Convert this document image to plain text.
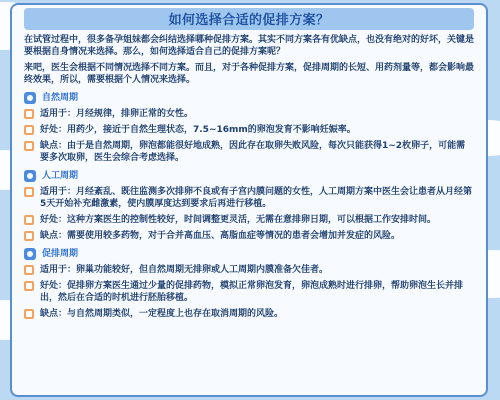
如何选择合适的促排方案？

在试管过程中，很多备孕姐妹都会纠结选择哪种促排方案。其实不同方案各有优缺点，也没有绝对的好坏，关键是要根据自身情况来选择。那么，如何选择适合自己的促排方案呢？

来吧，医生会根据不同情况选择不同方案。而且，对于各种促排方案，促排周期的长短、用药剂量等，都会影响最终效果，所以，需要根据个人情况来选择。

自然周期
适用于：月经规律，排卵正常的女性。
好处：用药少，接近于自然生理状态，7.5~16mm的卵泡发育不影响妊娠率。
缺点：由于是自然周期，卵泡都能很好地成熟，因此存在取卵失败风险，每次只能获得1~2枚卵子，可能需要多次取卵，医生会综合考虑选择。
人工周期
适用于：月经紊乱、既往监测多次排卵不良或有子宫内膜问题的女性，人工周期方案中医生会让患者从月经第5天开始补充雌激素，使内膜厚度达到要求后再进行移植。
好处：这种方案医生的控制性较好，时间调整更灵活，无需在意排卵日期，可以根据工作安排时间。
缺点：需要使用较多药物，对于合并高血压、高脂血症等情况的患者会增加并发症的风险。
促排周期
适用于：卵巢功能较好，但自然周期无排卵或人工周期内膜准备欠佳者。
好处：促排卵方案医生通过少量的促排药物，模拟正常卵泡发育，卵泡成熟时进行排卵，帮助卵泡生长并排出，然后在合适的时机进行胚胎移植。
缺点：与自然周期类似，一定程度上也存在取消周期的风险。
